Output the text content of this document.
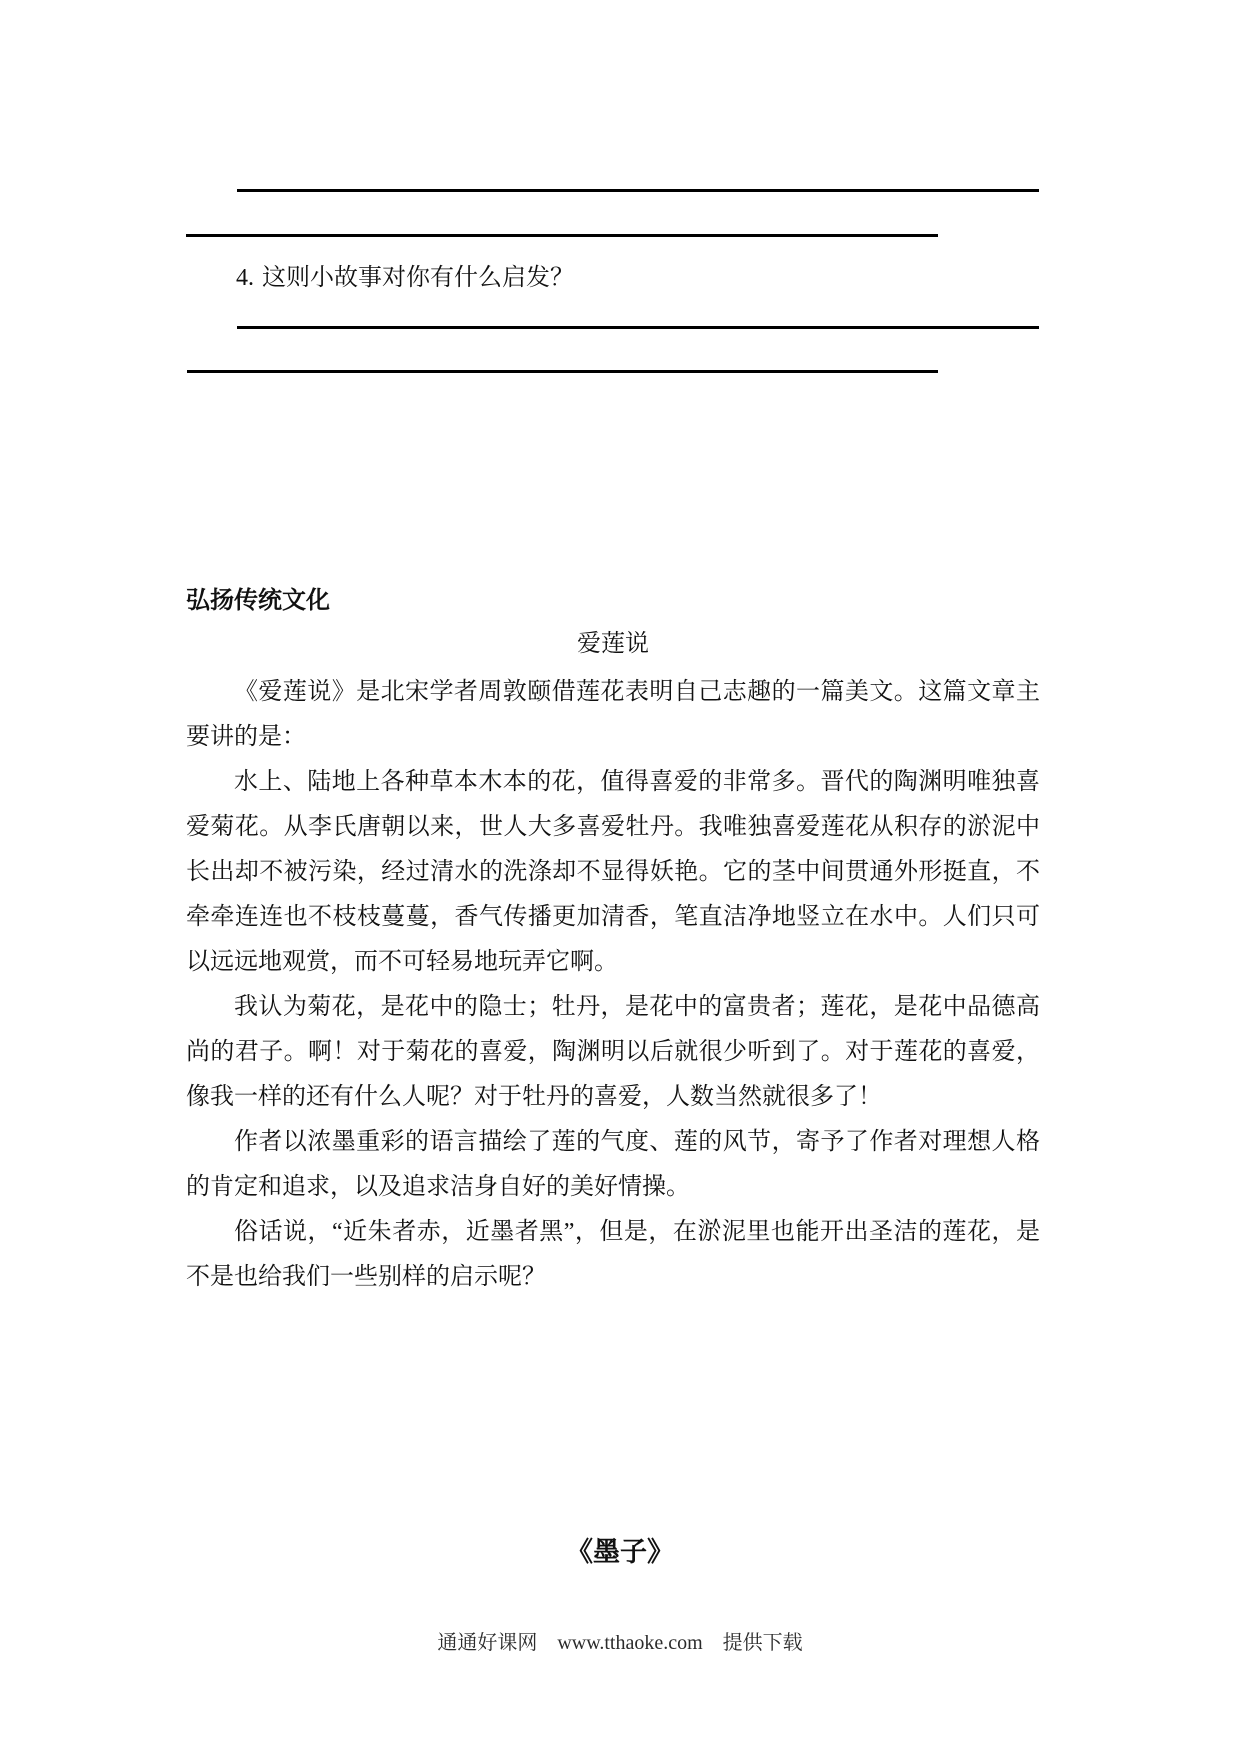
4. 这则小故事对你有什么启发？
弘扬传统文化
爱莲说

《爱莲说》是北宋学者周敦颐借莲花表明自己志趣的一篇美文。这篇文章主要讲的是：

水上、陆地上各种草本木本的花，值得喜爱的非常多。晋代的陶渊明唯独喜爱菊花。从李氏唐朝以来，世人大多喜爱牡丹。我唯独喜爱莲花从积存的淤泥中长出却不被污染，经过清水的洗涤却不显得妖艳。它的茎中间贯通外形挺直，不牵牵连连也不枝枝蔓蔓，香气传播更加清香，笔直洁净地竖立在水中。人们只可以远远地观赏，而不可轻易地玩弄它啊。

我认为菊花，是花中的隐士；牡丹，是花中的富贵者；莲花，是花中品德高尚的君子。啊！对于菊花的喜爱，陶渊明以后就很少听到了。对于莲花的喜爱，像我一样的还有什么人呢？对于牡丹的喜爱，人数当然就很多了！

作者以浓墨重彩的语言描绘了莲的气度、莲的风节，寄予了作者对理想人格的肯定和追求，以及追求洁身自好的美好情操。

俗话说，“近朱者赤，近墨者黑”，但是，在淤泥里也能开出圣洁的莲花，是不是也给我们一些别样的启示呢？

《墨子》
通通好课网 www.tthaoke.com 提供下载
